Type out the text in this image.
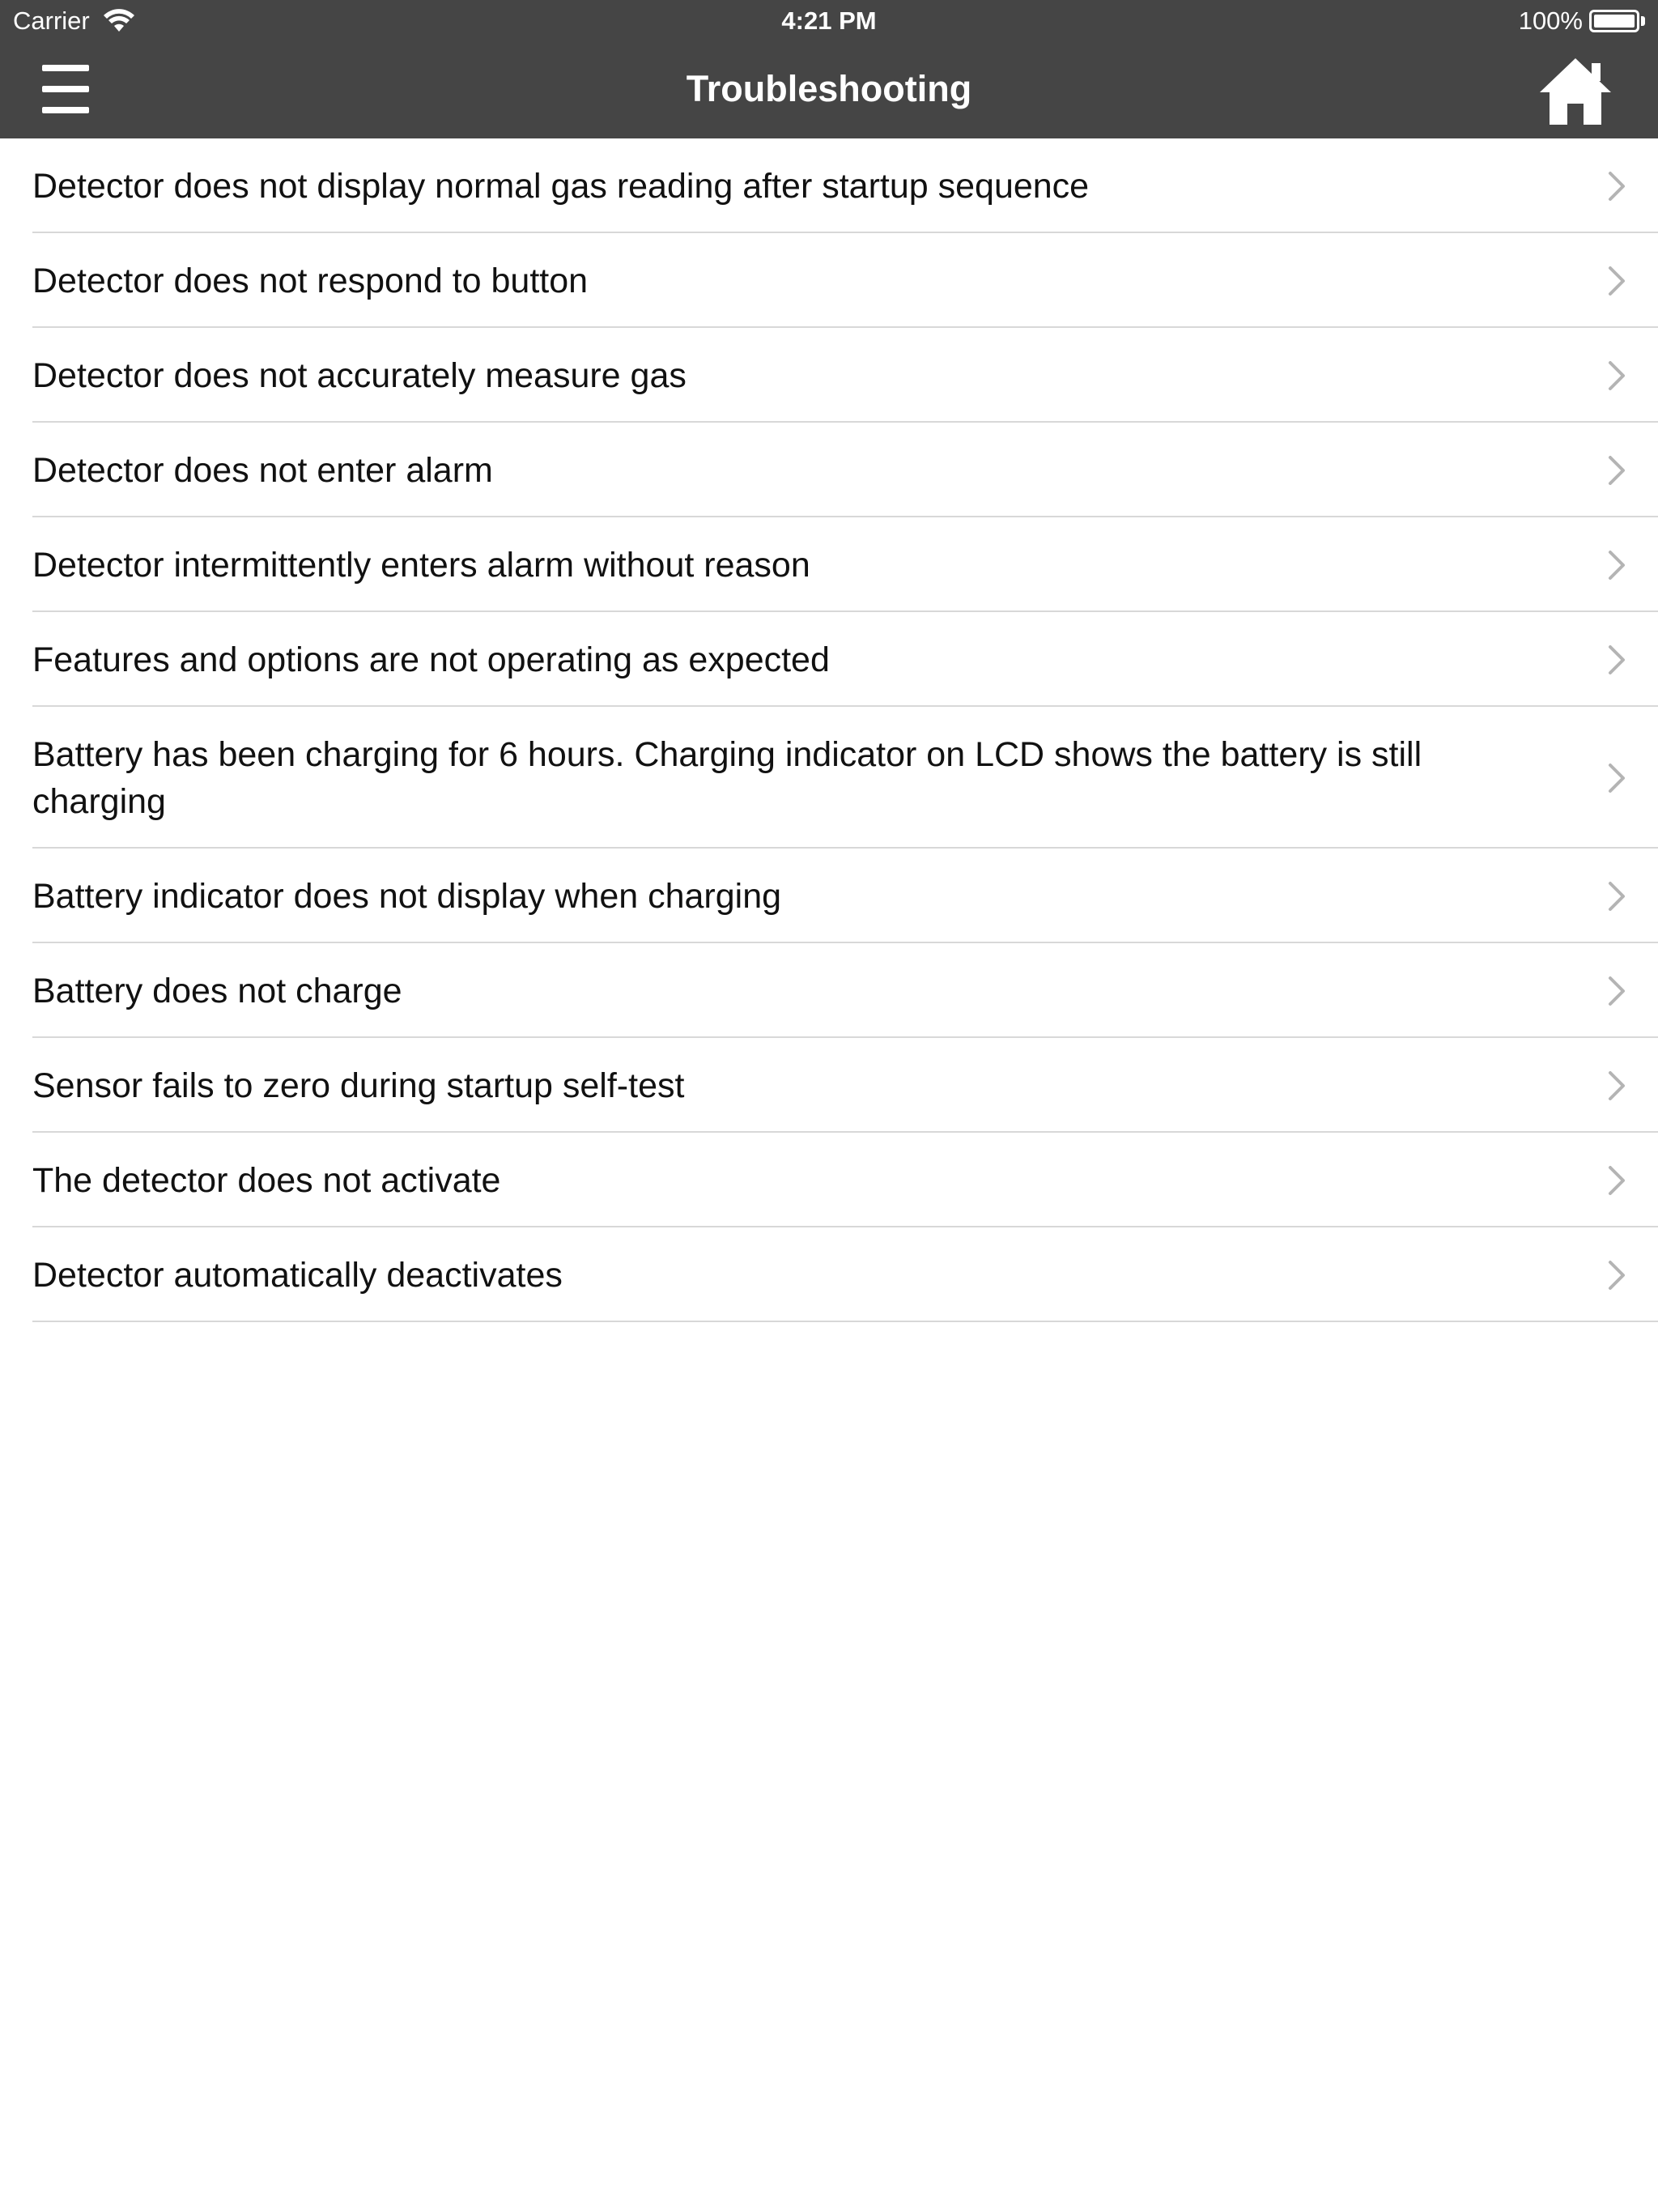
Carrier	4:21 PM	100%
Troubleshooting
Detector does not display normal gas reading after startup sequence
Detector does not respond to button
Detector does not accurately measure gas
Detector does not enter alarm
Detector intermittently enters alarm without reason
Features and options are not operating as expected
Battery has been charging for 6 hours. Charging indicator on LCD shows the battery is still charging
Battery indicator does not display when charging
Battery does not charge
Sensor fails to zero during startup self-test
The detector does not activate
Detector automatically deactivates
